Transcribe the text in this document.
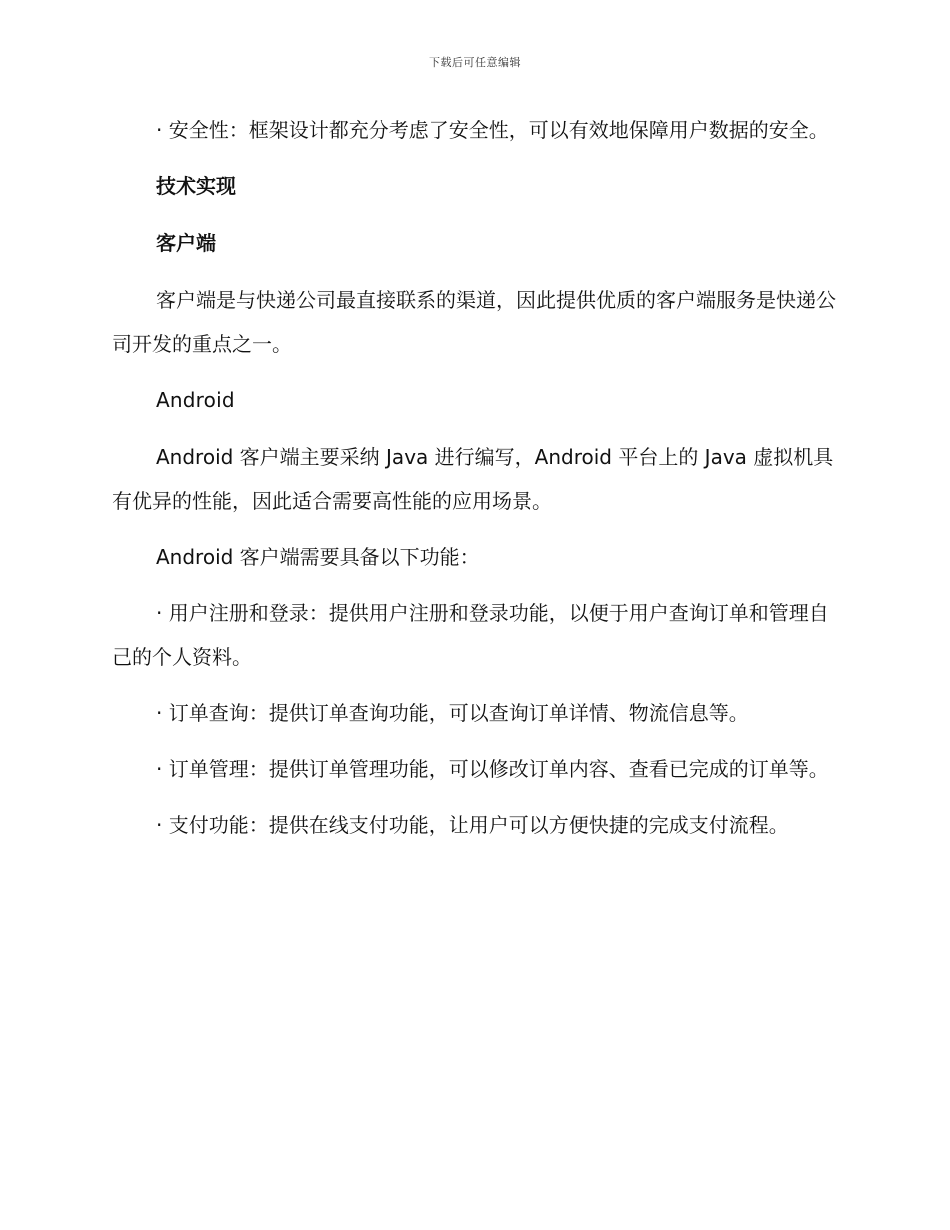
下载后可任意编辑

· 安全性：框架设计都充分考虑了安全性，可以有效地保障用户数据的安全。

技术实现

客户端

客户端是与快递公司最直接联系的渠道，因此提供优质的客户端服务是快递公司开发的重点之一。

Android

Android 客户端主要采纳 Java 进行编写，Android 平台上的 Java 虚拟机具有优异的性能，因此适合需要高性能的应用场景。

Android 客户端需要具备以下功能：

· 用户注册和登录：提供用户注册和登录功能，以便于用户查询订单和管理自己的个人资料。

· 订单查询：提供订单查询功能，可以查询订单详情、物流信息等。

· 订单管理：提供订单管理功能，可以修改订单内容、查看已完成的订单等。

· 支付功能：提供在线支付功能，让用户可以方便快捷的完成支付流程。
